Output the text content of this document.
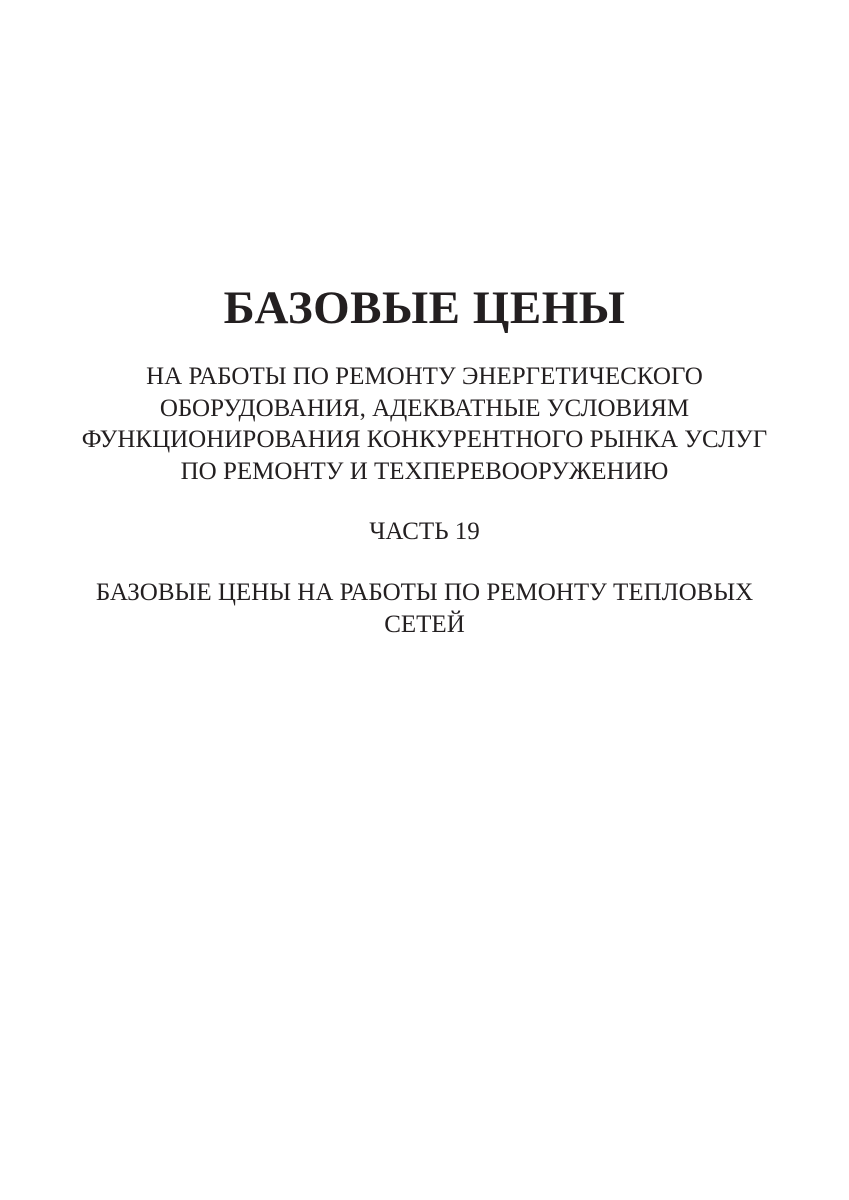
БАЗОВЫЕ ЦЕНЫ

НА РАБОТЫ ПО РЕМОНТУ ЭНЕРГЕТИЧЕСКОГО
ОБОРУДОВАНИЯ, АДЕКВАТНЫЕ УСЛОВИЯМ
ФУНКЦИОНИРОВАНИЯ КОНКУРЕНТНОГО РЫНКА УСЛУГ
ПО РЕМОНТУ И ТЕХПЕРЕВООРУЖЕНИЮ

ЧАСТЬ 19

БАЗОВЫЕ ЦЕНЫ НА РАБОТЫ ПО РЕМОНТУ ТЕПЛОВЫХ
СЕТЕЙ
